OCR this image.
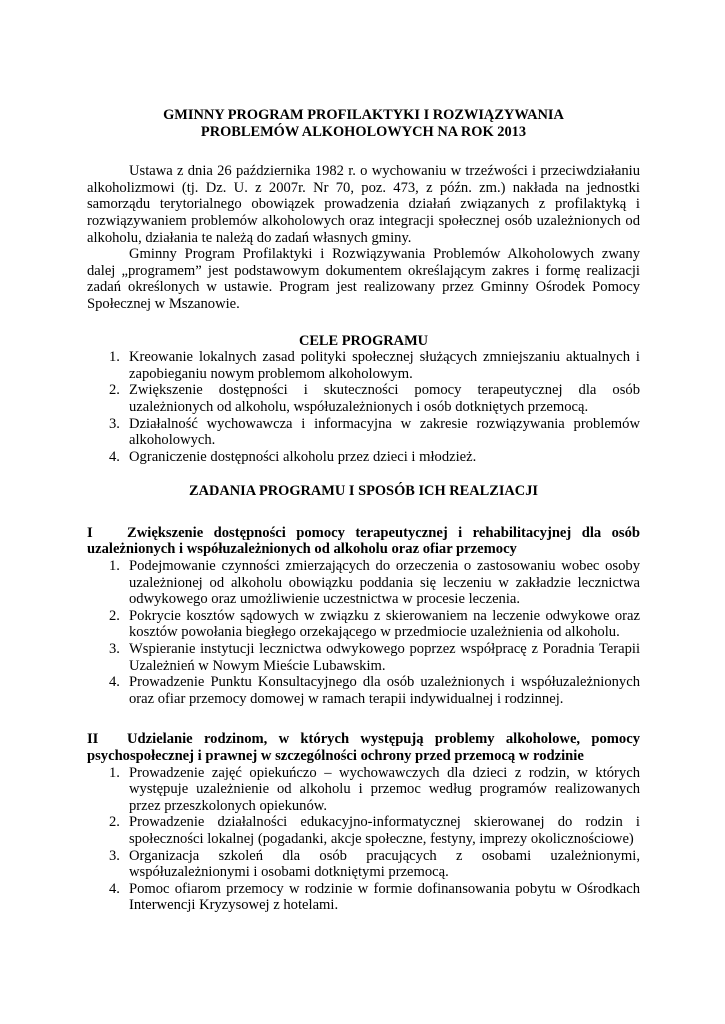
GMINNY PROGRAM PROFILAKTYKI I ROZWIĄZYWANIA
PROBLEMÓW ALKOHOLOWYCH NA ROK 2013

Ustawa z dnia 26 października 1982 r. o wychowaniu w trzeźwości i przeciwdziałaniu alkoholizmowi (tj. Dz. U. z 2007r. Nr 70, poz. 473, z późn. zm.) nakłada na jednostki samorządu terytorialnego obowiązek prowadzenia działań związanych z profilaktyką i rozwiązywaniem problemów alkoholowych oraz integracji społecznej osób uzależnionych od alkoholu, działania te należą do zadań własnych gminy.

Gminny Program Profilaktyki i Rozwiązywania Problemów Alkoholowych zwany dalej „programem” jest podstawowym dokumentem określającym zakres i formę realizacji zadań określonych w ustawie. Program jest realizowany przez Gminny Ośrodek Pomocy Społecznej w Mszanowie.

CELE PROGRAMU
1. Kreowanie lokalnych zasad polityki społecznej służących zmniejszaniu aktualnych i zapobieganiu nowym problemom alkoholowym.
2. Zwiększenie dostępności i skuteczności pomocy terapeutycznej dla osób uzależnionych od alkoholu, współuzależnionych i osób dotkniętych przemocą.
3. Działalność wychowawcza i informacyjna w zakresie rozwiązywania problemów alkoholowych.
4. Ograniczenie dostępności alkoholu przez dzieci i młodzież.
ZADANIA PROGRAMU I SPOSÓB ICH REALZIACJI

I Zwiększenie dostępności pomocy terapeutycznej i rehabilitacyjnej dla osób uzależnionych i współuzależnionych od alkoholu oraz ofiar przemocy

1. Podejmowanie czynności zmierzających do orzeczenia o zastosowaniu wobec osoby uzależnionej od alkoholu obowiązku poddania się leczeniu w zakładzie lecznictwa odwykowego oraz umożliwienie uczestnictwa w procesie leczenia.
2. Pokrycie kosztów sądowych w związku z skierowaniem na leczenie odwykowe oraz kosztów powołania biegłego orzekającego w przedmiocie uzależnienia od alkoholu.
3. Wspieranie instytucji lecznictwa odwykowego poprzez współpracę z Poradnia Terapii Uzależnień w Nowym Mieście Lubawskim.
4. Prowadzenie Punktu Konsultacyjnego dla osób uzależnionych i współuzależnionych oraz ofiar przemocy domowej w ramach terapii indywidualnej i rodzinnej.

II Udzielanie rodzinom, w których występują problemy alkoholowe, pomocy psychospołecznej i prawnej w szczególności ochrony przed przemocą w rodzinie

1. Prowadzenie zajęć opiekuńczo – wychowawczych dla dzieci z rodzin, w których występuje uzależnienie od alkoholu i przemoc według programów realizowanych przez przeszkolonych opiekunów.
2. Prowadzenie działalności edukacyjno-informatycznej skierowanej do rodzin i społeczności lokalnej (pogadanki, akcje społeczne, festyny, imprezy okolicznościowe)
3. Organizacja szkoleń dla osób pracujących z osobami uzależnionymi, współuzależnionymi i osobami dotkniętymi przemocą.
4. Pomoc ofiarom przemocy w rodzinie w formie dofinansowania pobytu w Ośrodkach Interwencji Kryzysowej z hotelami.
